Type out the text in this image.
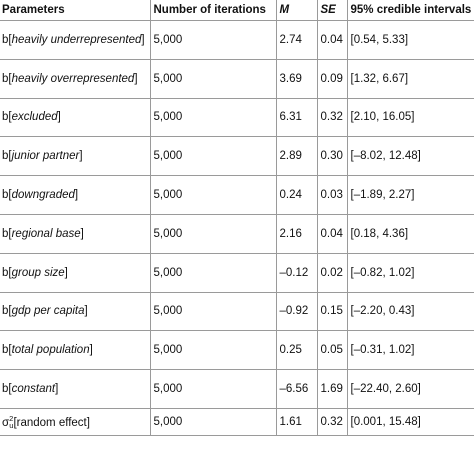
Parameters	Number of iterations	M	SE	95% credible intervals
b[heavily underrepresented]	5,000	2.74	0.04	[0.54, 5.33]
b[heavily overrepresented]	5,000	3.69	0.09	[1.32, 6.67]
b[excluded]	5,000	6.31	0.32	[2.10, 16.05]
b[junior partner]	5,000	2.89	0.30	[–8.02, 12.48]
b[downgraded]	5,000	0.24	0.03	[–1.89, 2.27]
b[regional base]	5,000	2.16	0.04	[0.18, 4.36]
b[group size]	5,000	–0.12	0.02	[–0.82, 1.02]
b[gdp per capita]	5,000	–0.92	0.15	[–2.20, 0.43]
b[total population]	5,000	0.25	0.05	[–0.31, 1.02]
b[constant]	5,000	–6.56	1.69	[–22.40, 2.60]
$\sigma^2_u[random$ effect]	5,000	1.61	0.32	[0.001, 15.48]
